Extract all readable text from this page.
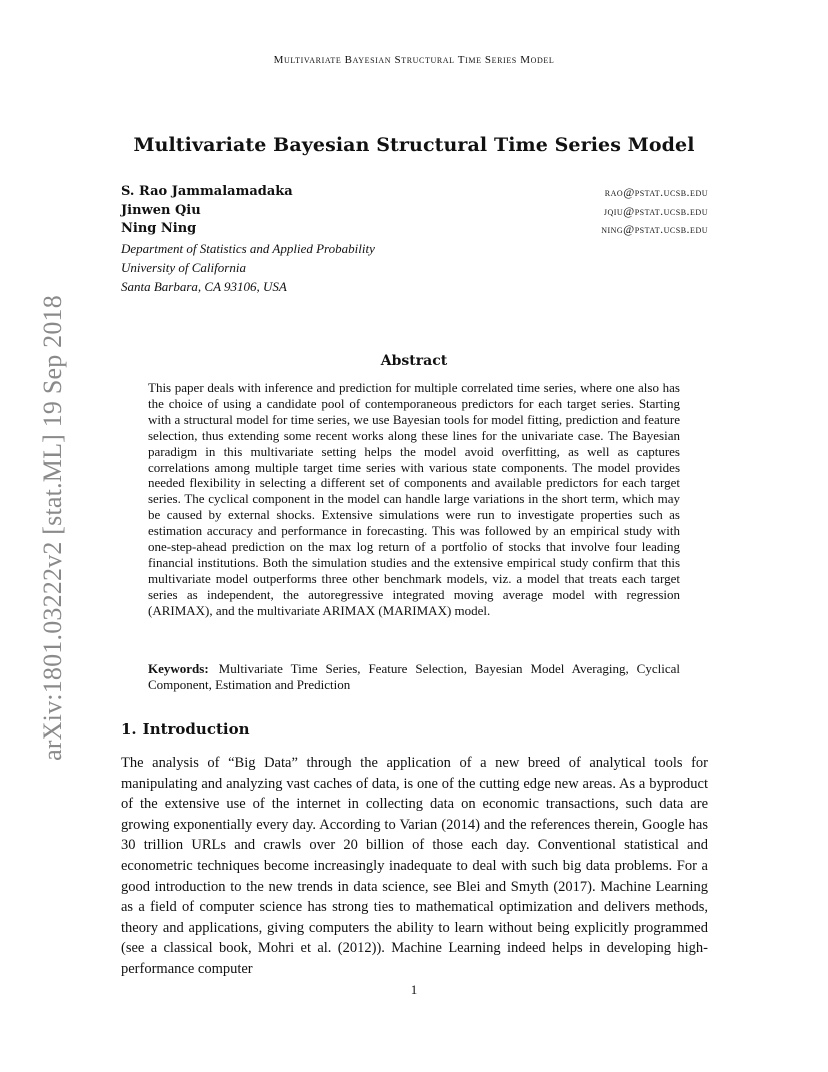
Multivariate Bayesian Structural Time Series Model
arXiv:1801.03222v2 [stat.ML] 19 Sep 2018
Multivariate Bayesian Structural Time Series Model
S. Rao Jammalamadaka	rao@pstat.ucsb.edu
Jinwen Qiu	jqiu@pstat.ucsb.edu
Ning Ning	ning@pstat.ucsb.edu
Department of Statistics and Applied Probability
University of California
Santa Barbara, CA 93106, USA
Abstract
This paper deals with inference and prediction for multiple correlated time series, where one also has the choice of using a candidate pool of contemporaneous predictors for each target series. Starting with a structural model for time series, we use Bayesian tools for model fitting, prediction and feature selection, thus extending some recent works along these lines for the univariate case. The Bayesian paradigm in this multivariate setting helps the model avoid overfitting, as well as captures correlations among multiple target time series with various state components. The model provides needed flexibility in selecting a different set of components and available predictors for each target series. The cyclical component in the model can handle large variations in the short term, which may be caused by external shocks. Extensive simulations were run to investigate properties such as estimation accuracy and performance in forecasting. This was followed by an empirical study with one-step-ahead prediction on the max log return of a portfolio of stocks that involve four leading financial institutions. Both the simulation studies and the extensive empirical study confirm that this multivariate model outperforms three other benchmark models, viz. a model that treats each target series as independent, the autoregressive integrated moving average model with regression (ARIMAX), and the multivariate ARIMAX (MARIMAX) model.
Keywords: Multivariate Time Series, Feature Selection, Bayesian Model Averaging, Cyclical Component, Estimation and Prediction
1. Introduction
The analysis of “Big Data” through the application of a new breed of analytical tools for manipulating and analyzing vast caches of data, is one of the cutting edge new areas. As a byproduct of the extensive use of the internet in collecting data on economic transactions, such data are growing exponentially every day. According to Varian (2014) and the references therein, Google has 30 trillion URLs and crawls over 20 billion of those each day. Conventional statistical and econometric techniques become increasingly inadequate to deal with such big data problems. For a good introduction to the new trends in data science, see Blei and Smyth (2017). Machine Learning as a field of computer science has strong ties to mathematical optimization and delivers methods, theory and applications, giving computers the ability to learn without being explicitly programmed (see a classical book, Mohri et al. (2012)). Machine Learning indeed helps in developing high-performance computer
1
